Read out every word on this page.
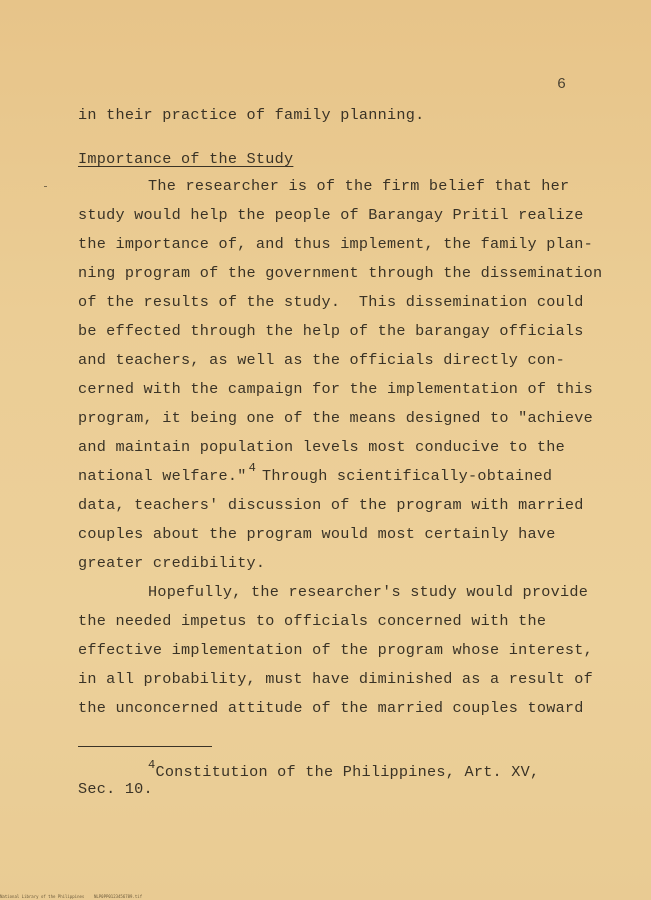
6
in their practice of family planning.
Importance of the Study
The researcher is of the firm belief that her
study would help the people of Barangay Pritil realize
the importance of, and thus implement, the family plan-
ning program of the government through the dissemination
of the results of the study.  This dissemination could
be effected through the help of the barangay officials
and teachers, as well as the officials directly con-
cerned with the campaign for the implementation of this
program, it being one of the means designed to "achieve
and maintain population levels most conducive to the
national welfare." $^4$ Through scientifically-obtained
data, teachers' discussion of the program with married
couples about the program would most certainly have
greater credibility.
Hopefully, the researcher's study would provide
the needed impetus to officials concerned with the
effective implementation of the program whose interest,
in all probability, must have diminished as a result of
the unconcerned attitude of the married couples toward
$^4$Constitution of the Philippines, Art. XV,
Sec. 10.
National Library of the Philippines NLP0PP0123456789.tif
